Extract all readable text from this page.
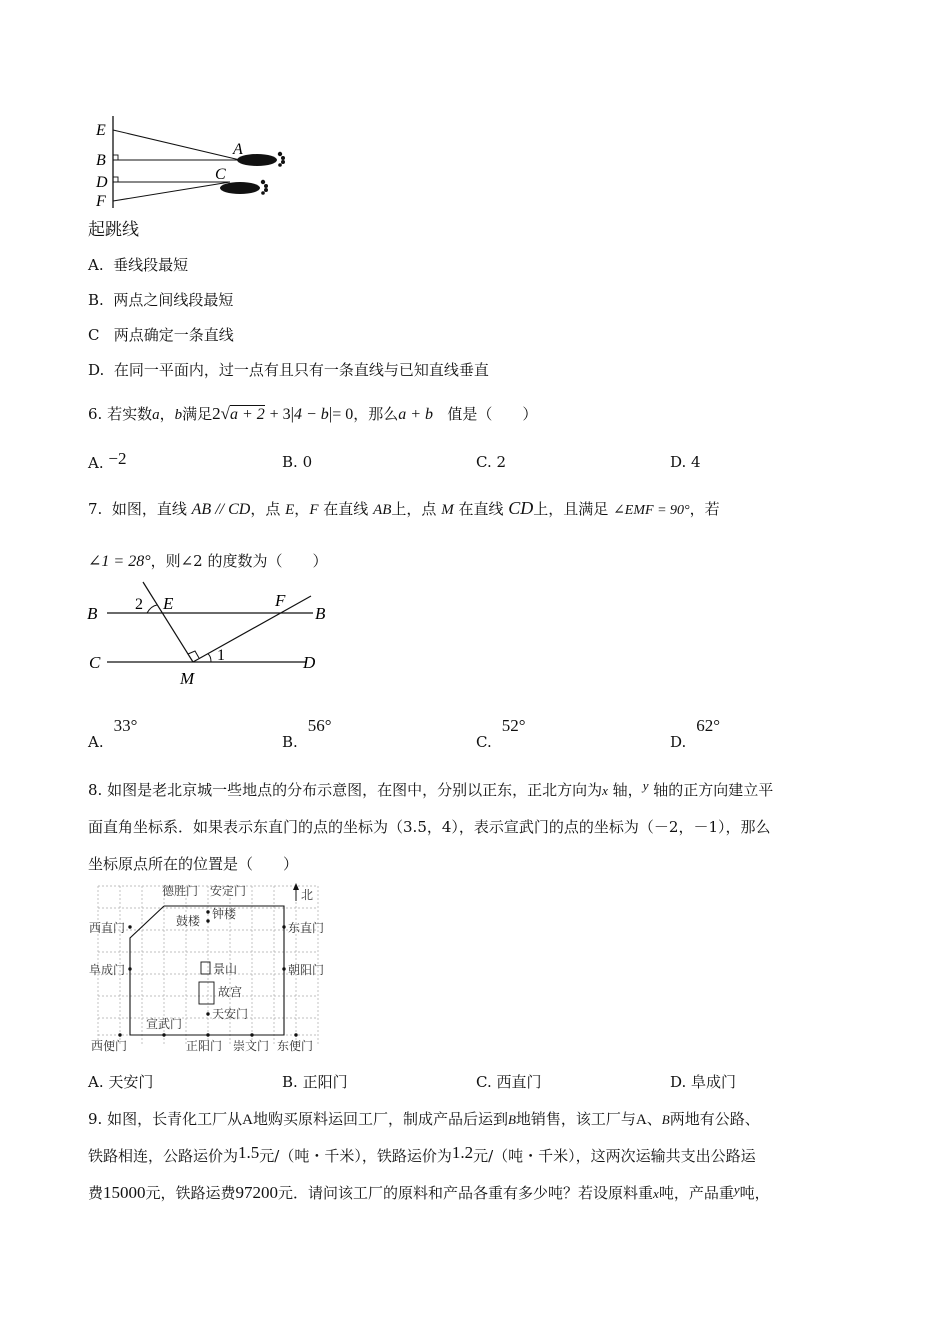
E
B
D
F
A
C
起跳线
A. 垂线段最短
B. 两点之间线段最短
C 两点确定一条直线
D. 在同一平面内，过一点有且只有一条直线与已知直线垂直
6. 若实数a，b满足2√a + 2 + 3|4 − b|= 0，那么a + b 值是（　　）
A. −2	B. 0	C. 2	D. 4
7. 如图，直线 AB // CD，点 E，F 在直线 AB上，点 M 在直线 CD上，且满足 ∠EMF = 90°，若
∠1 = 28°，则∠2 的度数为（　　）
B 2 E	F
B
C	1	D
M
A.33°
B.56°
C.52°
D.62°
8. 如图是老北京城一些地点的分布示意图，在图中，分别以正东，正北方向为x 轴，y 轴的正方向建立平
面直角坐标系．如果表示东直门的点的坐标为（3.5，4），表示宣武门的点的坐标为（－2，－1），那么
坐标原点所在的位置是（　　）
德胜门 安定门	北
鼓楼 钟楼
西直门	东直门
阜成门	景山	朝阳门
故宫
天安门
宣武门
西便门	正阳门 崇文门 东便门
A. 天安门	B. 正阳门	C. 西直门	D. 阜成门
9. 如图，长青化工厂从A地购买原料运回工厂，制成产品后运到B地销售，该工厂与A、B两地有公路、
铁路相连，公路运价为1.5元/（吨・千米），铁路运价为1.2元/（吨・千米），这两次运输共支出公路运
费15000元，铁路运费97200元．请问该工厂的原料和产品各重有多少吨？若设原料重x吨，产品重y吨，
